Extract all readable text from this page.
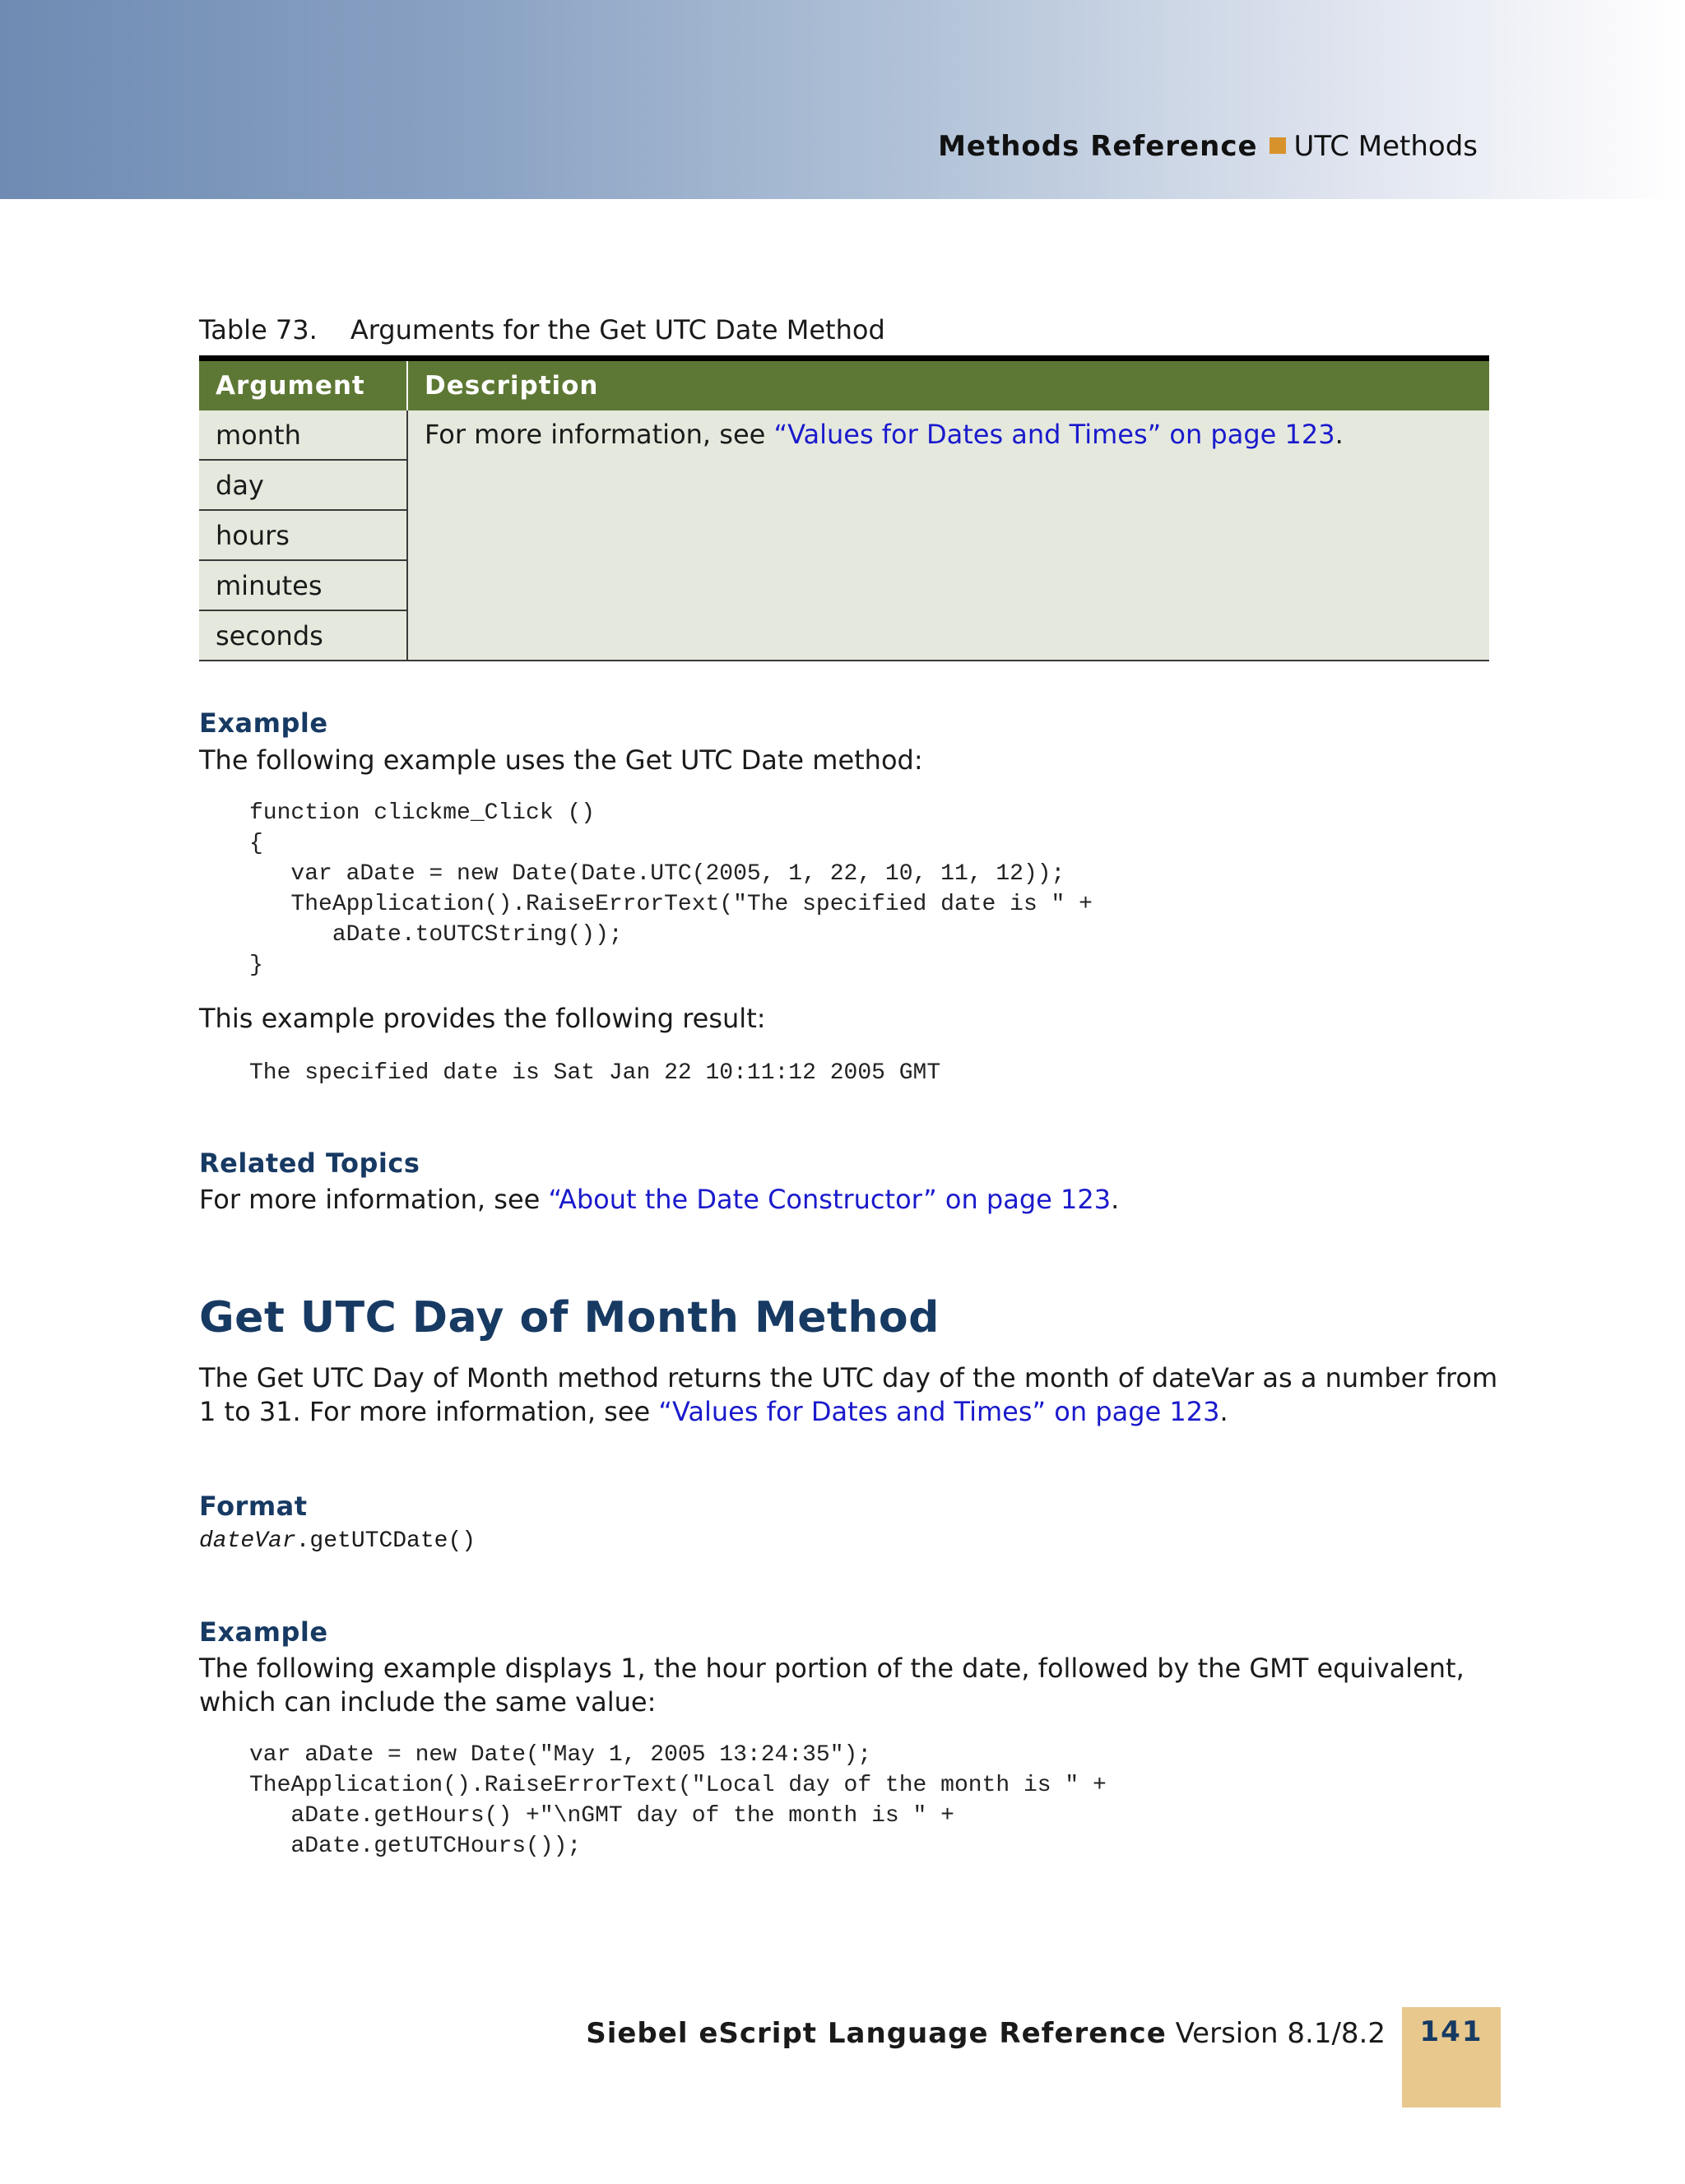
Methods Reference UTC Methods
Table 73. Arguments for the Get UTC Date Method
Argument	Description
month	For more information, see “Values for Dates and Times” on page 123.
day	
hours	
minutes	
seconds	
Example
The following example uses the Get UTC Date method:
function clickme_Click ()
{
var aDate = new Date(Date.UTC(2005, 1, 22, 10, 11, 12));
TheApplication().RaiseErrorText("The specified date is " +
aDate.toUTCString());
}
This example provides the following result:
The specified date is Sat Jan 22 10:11:12 2005 GMT
Related Topics
For more information, see “About the Date Constructor” on page 123.
Get UTC Day of Month Method
The Get UTC Day of Month method returns the UTC day of the month of dateVar as a number from 1 to 31. For more information, see “Values for Dates and Times” on page 123.
Format
dateVar.getUTCDate()
Example
The following example displays 1, the hour portion of the date, followed by the GMT equivalent, which can include the same value:
var aDate = new Date("May 1, 2005 13:24:35");
TheApplication().RaiseErrorText("Local day of the month is " +
aDate.getHours() +"\nGMT day of the month is " +
aDate.getUTCHours());
Siebel eScript Language Reference Version 8.1/8.2	141
